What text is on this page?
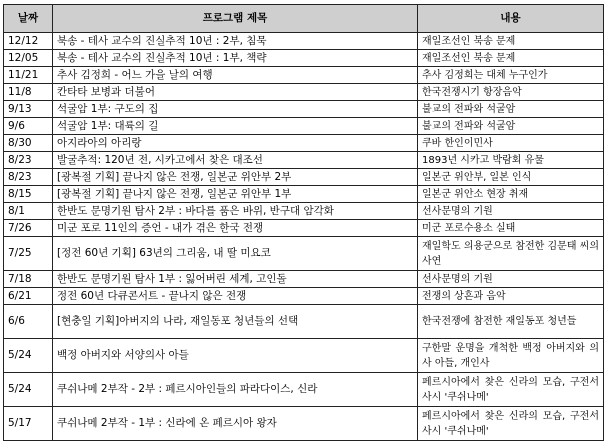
날짜	프로그램 제목	내용
12/12	북송 - 테사 교수의 진실추적 10년 : 2부, 침묵	재일조선인 북송 문제
12/05	북송 - 테사 교수의 진실추적 10년 : 1부, 책략	재일조선인 북송 문제
11/21	추사 김정희 - 어느 가을 날의 여행	추사 김정희는 대체 누구인가
11/8	칸타타 보병과 더불어	한국전쟁시기 항장음악
9/13	석굴암 1부: 구도의 집	불교의 전파와 석굴암
9/6	석굴암 1부: 대륙의 길	불교의 전파와 석굴암
8/30	아지라아의 아리랑	쿠바 한인이민사
8/23	발굴추적: 120년 전, 시카고에서 찾은 대조선	1893년 시카고 박람회 유물
8/23	[광복절 기획] 끝나지 않은 전쟁, 일본군 위안부 2부	일본군 위안부, 일본 인식
8/15	[광복절 기획] 끝나지 않은 전쟁, 일본군 위안부 1부	일본군 위안소 현장 취재
8/1	한반도 문명기원 탐사 2부 : 바다를 품은 바위, 반구대 암각화	선사문명의 기원
7/26	미군 포로 11인의 증언 - 내가 겪은 한국 전쟁	미군 포로수용소 실태
7/25	[정전 60년 기획] 63년의 그리움, 내 딸 미요코	재일학도 의용군으로 참전한 김문태 씨의 사연
7/18	한반도 문명기원 탐사 1부 : 잃어버린 세계, 고인돌	선사문명의 기원
6/21	정전 60년 다큐콘서트 - 끝나지 않은 전쟁	전쟁의 상흔과 음악
6/6	[현충일 기획]아버지의 나라, 재일동포 청년들의 선택	한국전쟁에 참전한 재일동포 청년들
5/24	백정 아버지와 서양의사 아들	구한말 운명을 개척한 백정 아버지와 의사 아들, 개인사
5/24	쿠쉬나메 2부작 - 2부 : 페르시아인들의 파라다이스, 신라	페르시아에서 찾은 신라의 모습, 구전서사시 '쿠쉬나메'
5/17	쿠쉬나메 2부작 - 1부 : 신라에 온 페르시아 왕자	페르시아에서 찾은 신라의 모습, 구전서사시 '쿠쉬나메'
